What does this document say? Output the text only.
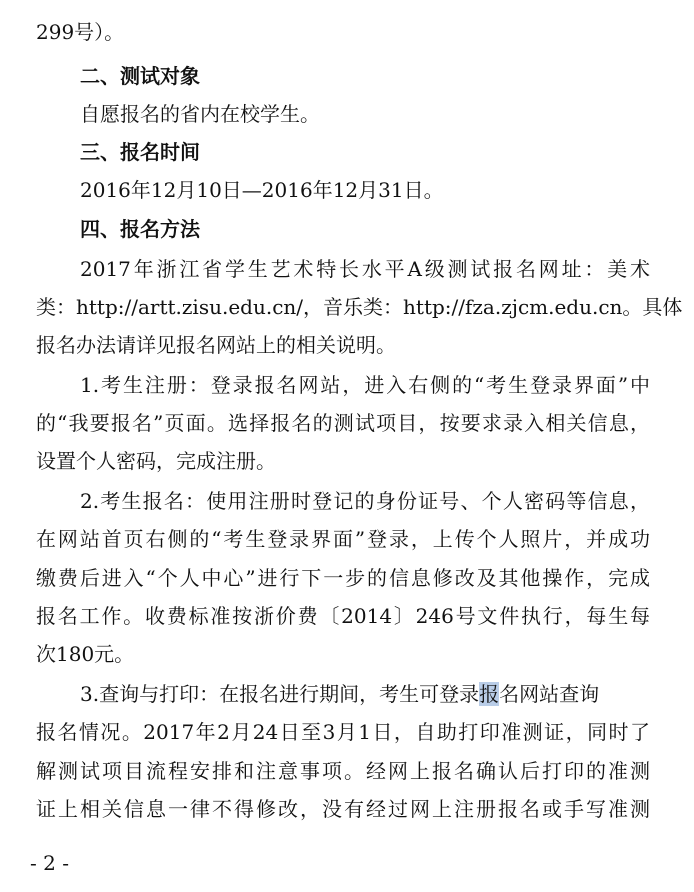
299号）。
二、测试对象
自愿报名的省内在校学生。
三、报名时间
2016年12月10日—2016年12月31日。
四、报名方法
2017年浙江省学生艺术特长水平A级测试报名网址：美术
类：http://artt.zisu.edu.cn/，音乐类：http://fza.zjcm.edu.cn。具体
报名办法请详见报名网站上的相关说明。
1.考生注册：登录报名网站，进入右侧的“考生登录界面”中
的“我要报名”页面。选择报名的测试项目，按要求录入相关信息，
设置个人密码，完成注册。
2.考生报名：使用注册时登记的身份证号、个人密码等信息，
在网站首页右侧的“考生登录界面”登录，上传个人照片，并成功
缴费后进入“个人中心”进行下一步的信息修改及其他操作，完成
报名工作。收费标准按浙价费〔2014〕246号文件执行，每生每
次180元。
3.查询与打印：在报名进行期间，考生可登录报名网站查询
报名情况。2017年2月24日至3月1日，自助打印准测证，同时了
解测试项目流程安排和注意事项。经网上报名确认后打印的准测
证上相关信息一律不得修改，没有经过网上注册报名或手写准测
- 2 -
